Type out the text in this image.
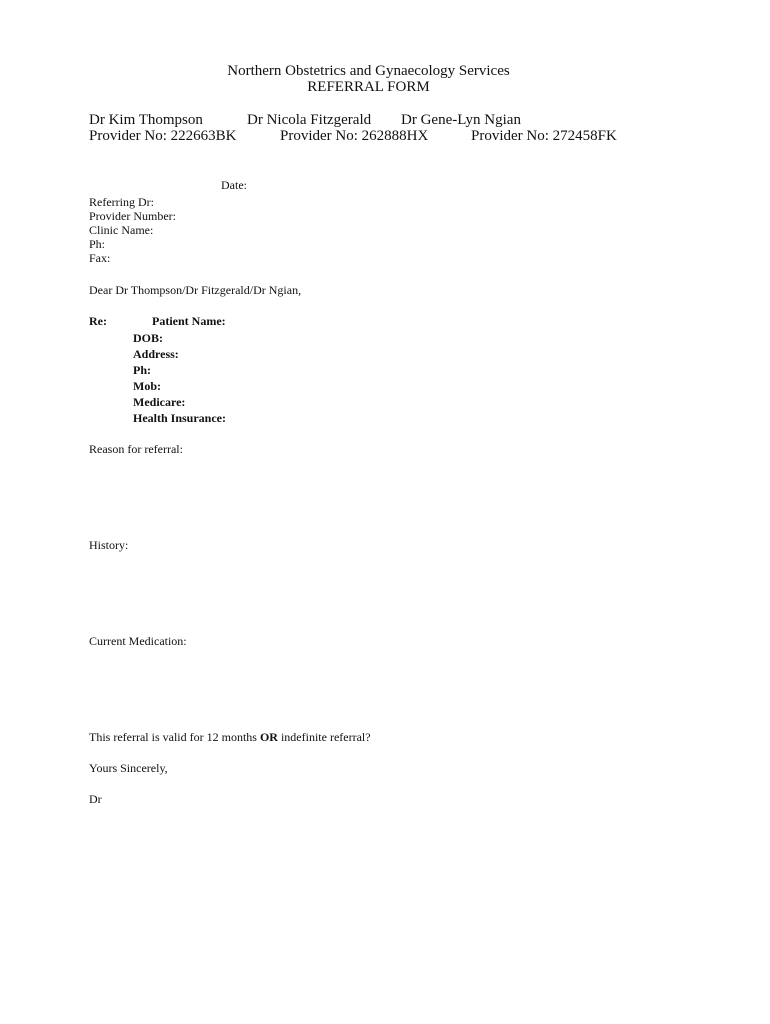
Northern Obstetrics and Gynaecology Services
REFERRAL FORM
Dr Kim Thompson	Dr Nicola Fitzgerald Dr Gene-Lyn Ngian
Provider No: 222663BK	Provider No: 262888HX	Provider No: 272458FK
Date:
Referring Dr:
Provider Number:
Clinic Name:
Ph:
Fax:
Dear Dr Thompson/Dr Fitzgerald/Dr Ngian,
Re:	Patient Name:
DOB:
Address:
Ph:
Mob:
Medicare:
Health Insurance:
Reason for referral:
History:
Current Medication:
This referral is valid for 12 months OR indefinite referral?
Yours Sincerely,
Dr
